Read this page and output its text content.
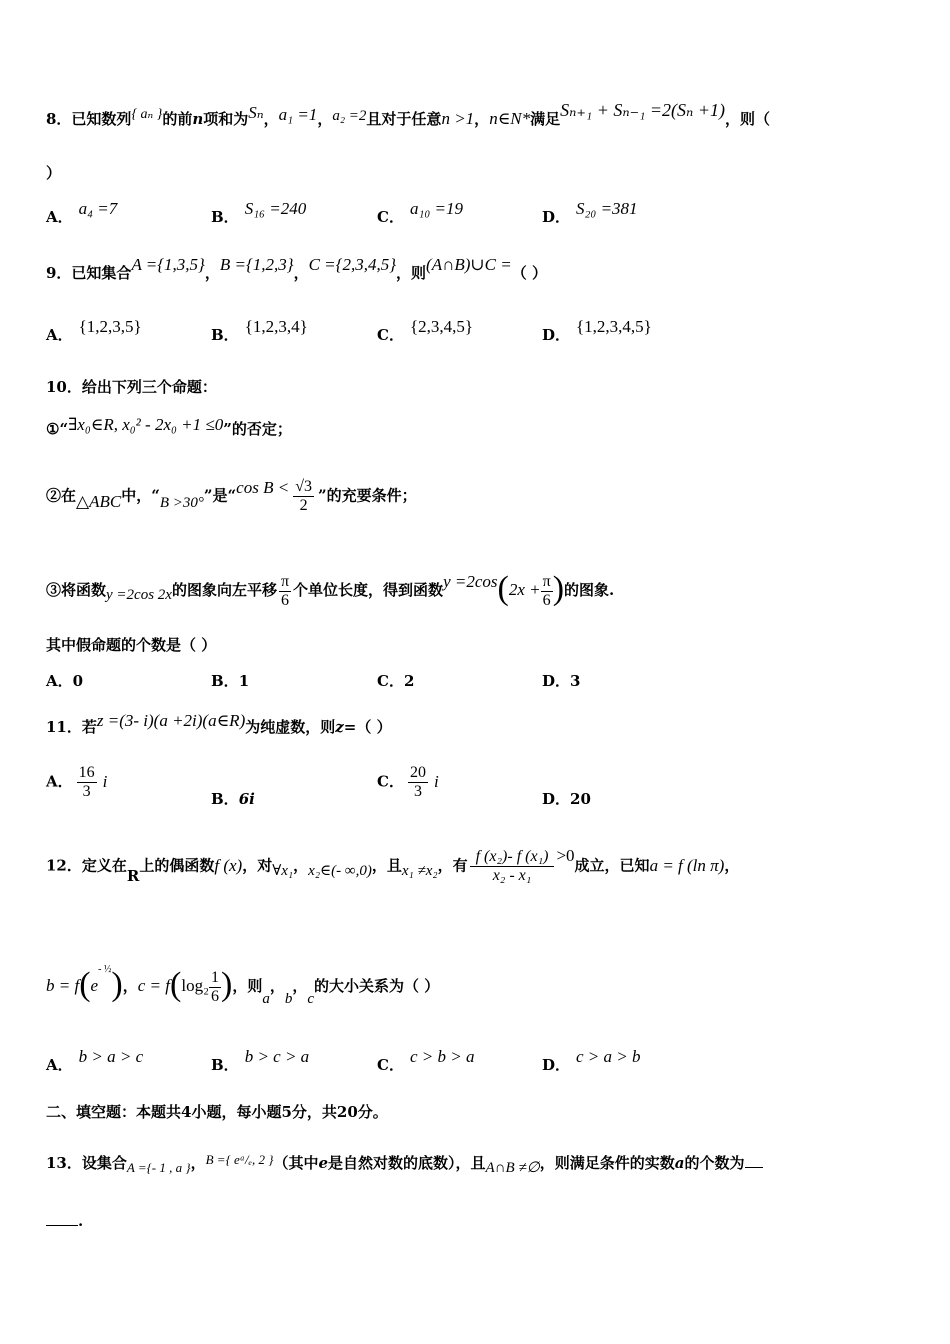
8．已知数列{ aₙ }的前n项和为Sₙ，a₁ =1，a₂ =2且对于任意n >1，n∈N*满足Sₙ₊₁ + Sₙ₋₁ =2(Sₙ +1)，则（
）
A． a₄ =7	B． S₁₆ =240	C． a₁₀ =19	D． S₂₀ =381
9．已知集合A ={1,3,5}，B ={1,2,3}，C ={2,3,4,5}，则(A∩B)∪C =（ ）
A． {1,2,3,5}	B． {1,2,3,4}	C． {2,3,4,5}	D． {1,2,3,4,5}
10．给出下列三个命题：
①“∃x₀∈R, x₀² - 2x₀ +1 ≤0”的否定；
②在△ABC中，“B >30°”是“cos $B < \frac{√3}{2}$ ”的充要条件；
③将函数y =2cos 2x的图象向左平移 $\frac{\pi}{6}$ 个单位长度，得到函数$y =2\cos(2x + \frac{\pi}{6}$ )的图象.
其中假命题的个数是（ ）
A．0	B．1	C．2	D．3
11．若z =(3- i)(a +2i)(a∈R)为纯虚数，则z=（ ）
A． $\frac{16}{3}$ i
B．6i
C． $\frac{20}{3}$ i
D．20
12．定义在R上的偶函数f (x)，对∀x₁，x₂∈(- ∞,0)，且x₁ ≠x₂，有 $\frac{\text{f (x₂)- f (x₁)}}{\text{x₂ - x₁}} >0$成立，已知a = f (ln π)，
$b = f(e^{- \frac{1}{2}})$，$c = f(\log_2 \frac{1}{6}$ )，则a，b，c的大小关系为（ ）
A． b > a > c	B． b > c > a	C． c > b > a	D． c > a > b
二、填空题：本题共4小题，每小题5分，共20分。
13．设集合A ={- 1 , a }，B ={ eᵃ/ₑ, 2 }（其中e是自然对数的底数），且A∩B ≠∅，则满足条件的实数a的个数为
.
